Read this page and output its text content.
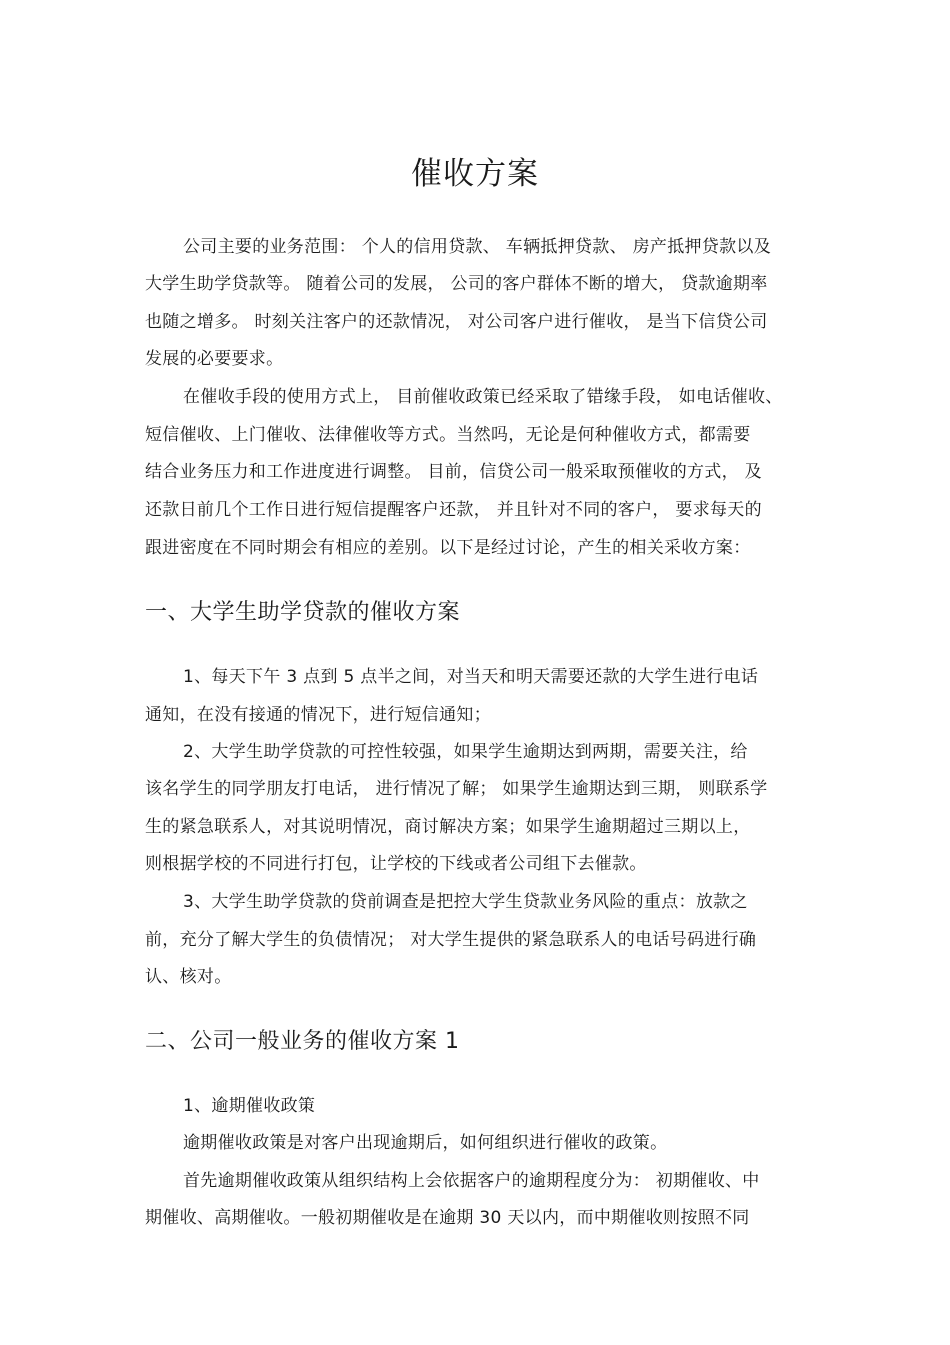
催收方案
公司主要的业务范围： 个人的信用贷款、 车辆抵押贷款、 房产抵押贷款以及
大学生助学贷款等。 随着公司的发展， 公司的客户群体不断的增大， 贷款逾期率
也随之增多。 时刻关注客户的还款情况， 对公司客户进行催收， 是当下信贷公司
发展的必要要求。
在催收手段的使用方式上， 目前催收政策已经采取了错缘手段， 如电话催收、
短信催收、上门催收、法律催收等方式。当然吗，无论是何种催收方式，都需要
结合业务压力和工作进度进行调整。 目前，信贷公司一般采取预催收的方式， 及
还款日前几个工作日进行短信提醒客户还款， 并且针对不同的客户， 要求每天的
跟进密度在不同时期会有相应的差别。以下是经过讨论，产生的相关采收方案：
一、大学生助学贷款的催收方案
1、每天下午 3 点到 5 点半之间，对当天和明天需要还款的大学生进行电话
通知，在没有接通的情况下，进行短信通知；
2、大学生助学贷款的可控性较强，如果学生逾期达到两期，需要关注，给
该名学生的同学朋友打电话， 进行情况了解； 如果学生逾期达到三期， 则联系学
生的紧急联系人，对其说明情况，商讨解决方案；如果学生逾期超过三期以上，
则根据学校的不同进行打包，让学校的下线或者公司组下去催款。
3、大学生助学贷款的贷前调查是把控大学生贷款业务风险的重点：放款之
前，充分了解大学生的负债情况； 对大学生提供的紧急联系人的电话号码进行确
认、核对。
二、公司一般业务的催收方案 1
1、逾期催收政策
逾期催收政策是对客户出现逾期后，如何组织进行催收的政策。
首先逾期催收政策从组织结构上会依据客户的逾期程度分为： 初期催收、中
期催收、高期催收。一般初期催收是在逾期 30 天以内，而中期催收则按照不同
